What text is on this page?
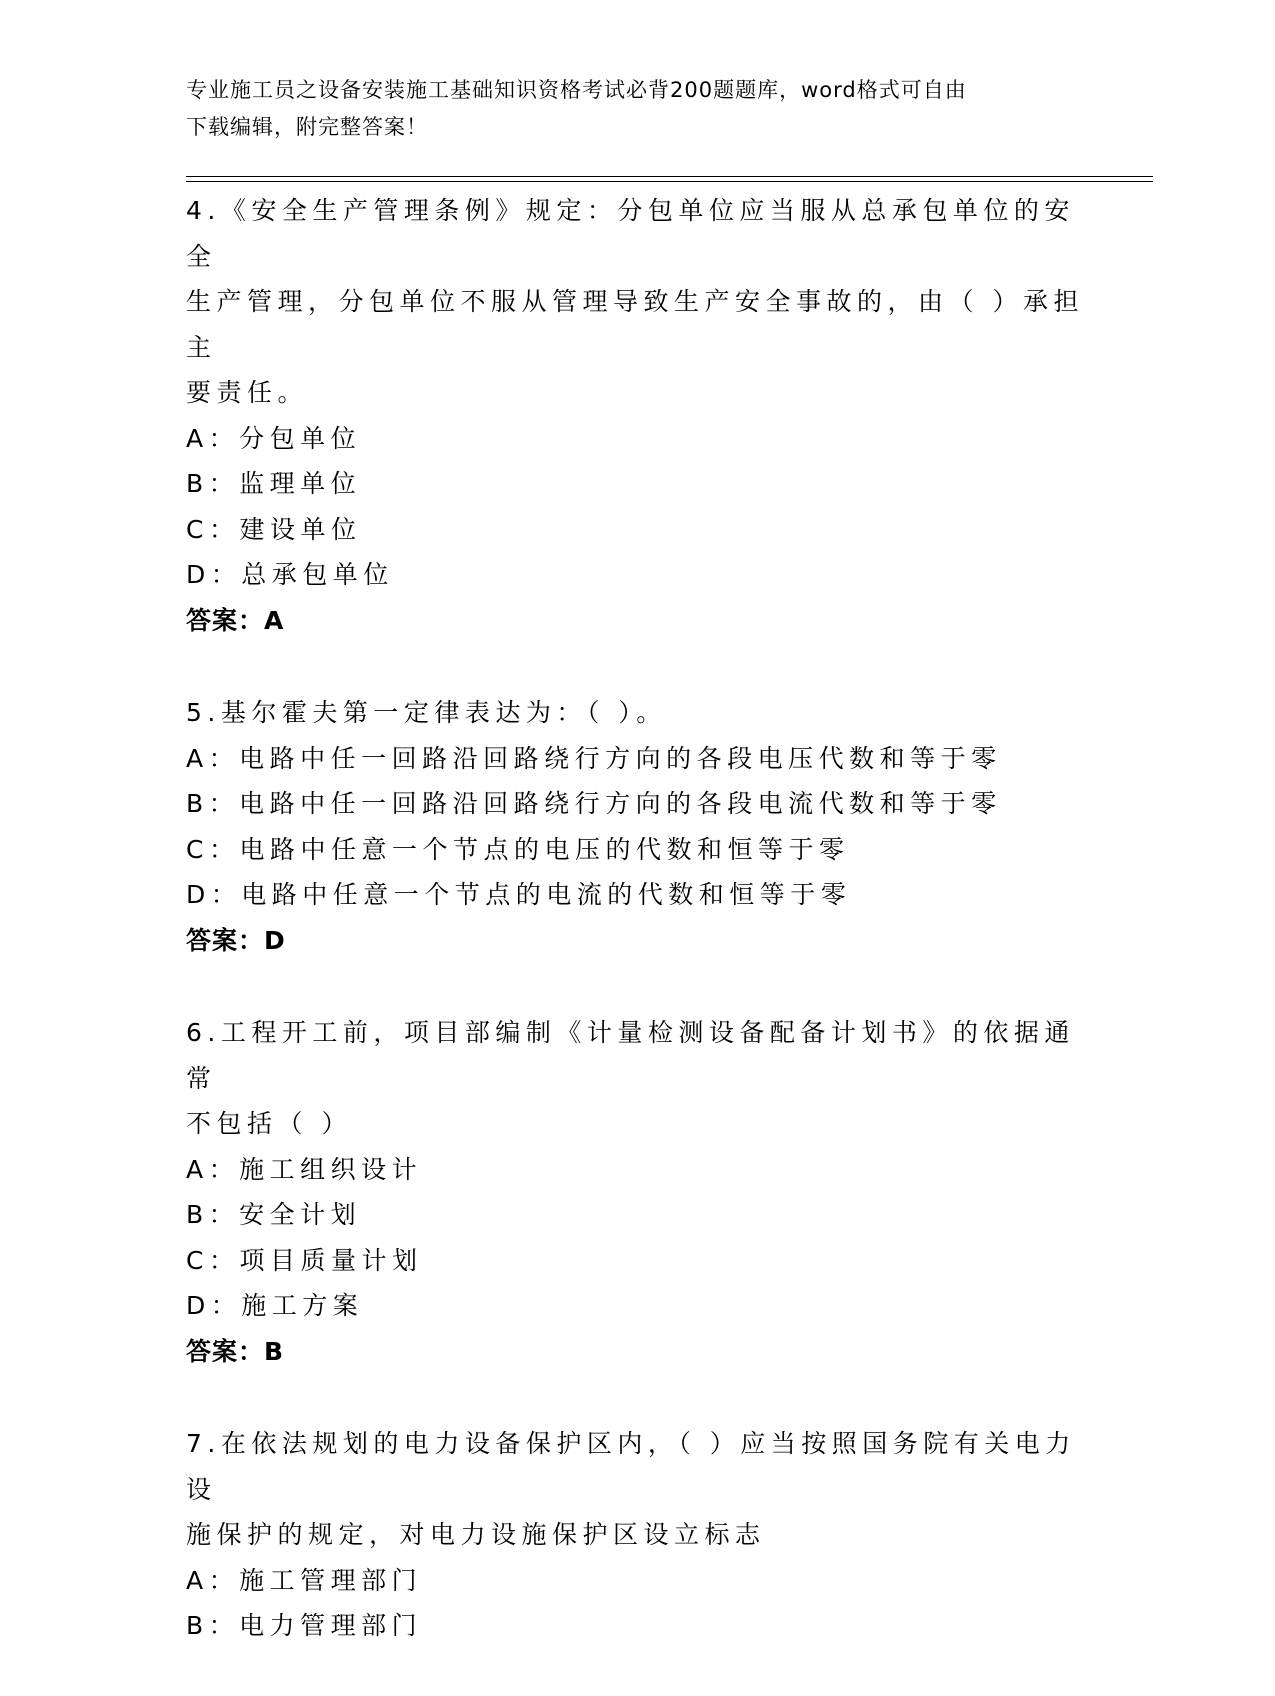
专业施工员之设备安装施工基础知识资格考试必背200题题库，word格式可自由
下载编辑，附完整答案！

4.《安全生产管理条例》规定：分包单位应当服从总承包单位的安全

生产管理，分包单位不服从管理导致生产安全事故的，由（ ）承担主

要责任。

A：分包单位

B：监理单位

C：建设单位

D：总承包单位

答案：A

5.基尔霍夫第一定律表达为：（ ）。

A：电路中任一回路沿回路绕行方向的各段电压代数和等于零

B：电路中任一回路沿回路绕行方向的各段电流代数和等于零

C：电路中任意一个节点的电压的代数和恒等于零

D：电路中任意一个节点的电流的代数和恒等于零

答案：D

6.工程开工前，项目部编制《计量检测设备配备计划书》的依据通常

不包括（ ）

A：施工组织设计

B：安全计划

C：项目质量计划

D：施工方案

答案：B

7.在依法规划的电力设备保护区内，（ ）应当按照国务院有关电力设

施保护的规定，对电力设施保护区设立标志

A：施工管理部门

B：电力管理部门
